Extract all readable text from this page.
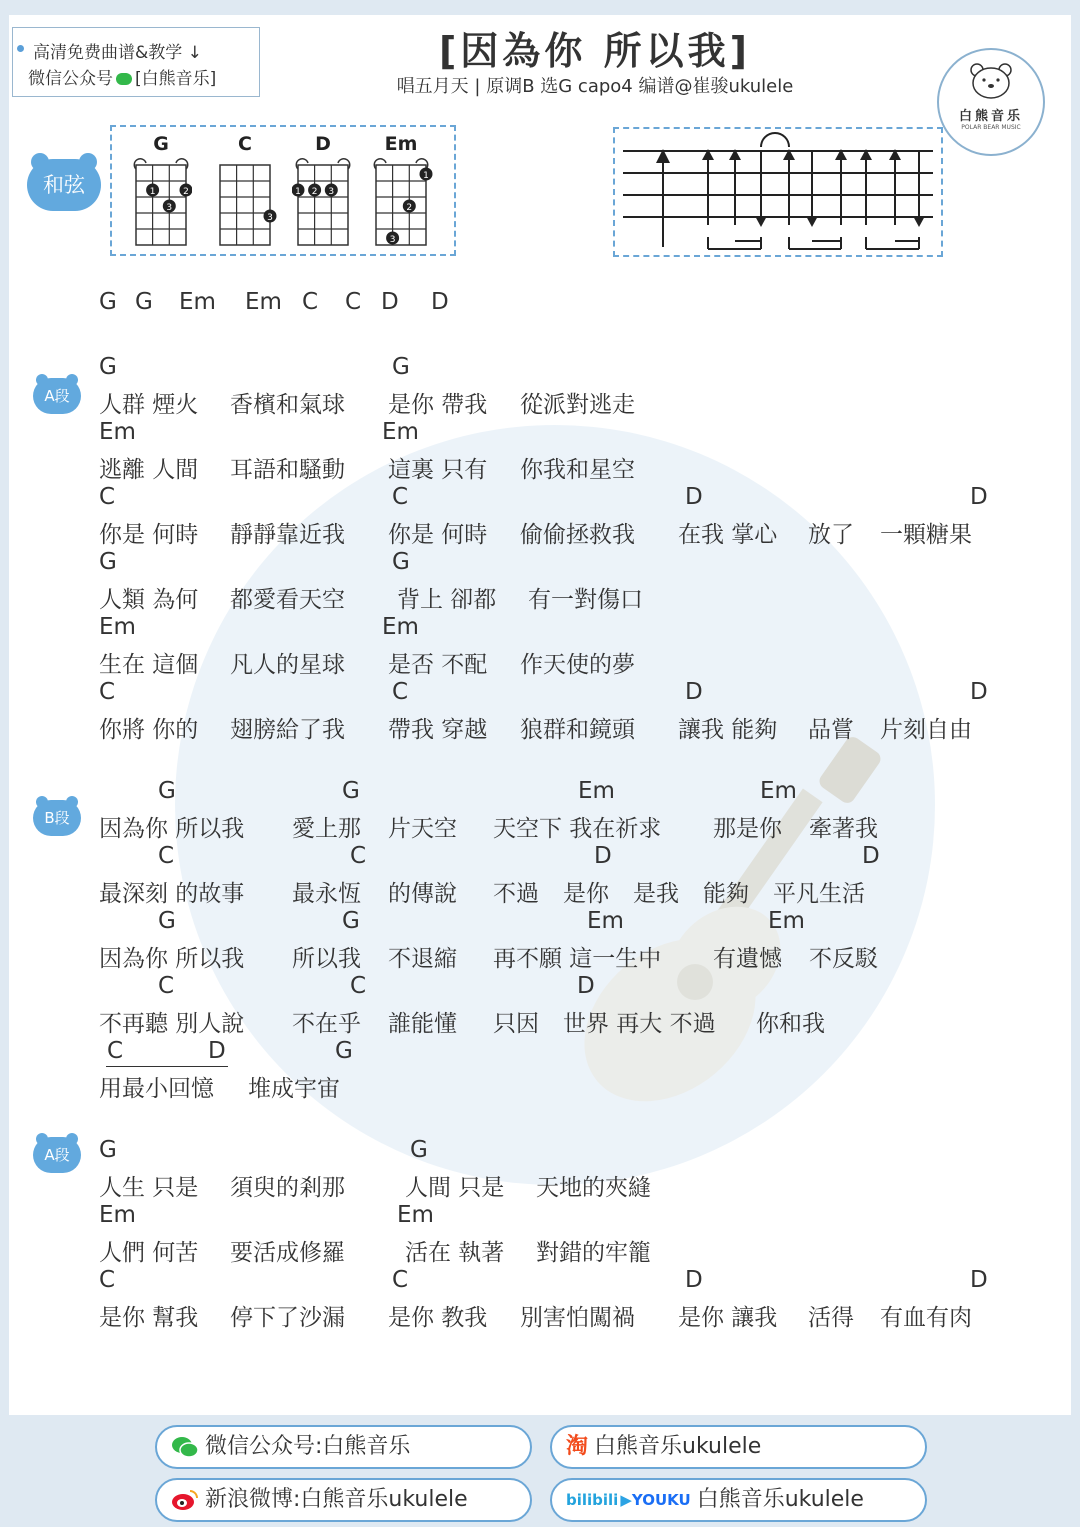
高清免费曲谱&教学 ↓
微信公众号 [白熊音乐]
[因為你 所以我]
唱五月天 | 原调B 选G capo4 编谱@崔骏ukulele
白熊音乐
POLAR BEAR MUSIC
和弦
G
1	2
3
C
3
D
1 2 3
Em
1
2
3

G

G

Em

Em

C

C

D

D

A段
B段
A段
G	G
人群 煙火 香檳和氣球 是你 帶我 從派對逃走
Em	Em
逃離 人間 耳語和騷動 這裏 只有 你我和星空
C	C	D	D
你是 何時 靜靜靠近我 你是 何時 偷偷拯救我 在我 掌心 放了 一顆糖果
G	G
人類 為何 都愛看天空 背上 卻都 有一對傷口
Em	Em
生在 這個 凡人的星球 是否 不配 作天使的夢
C	C	D	D
你將 你的 翅膀給了我 帶我 穿越 狼群和鏡頭 讓我 能夠 品嘗 片刻自由
G	G	Em	Em
因為你 所以我 愛上那 片天空 天空下 我在祈求 那是你 牽著我
C	C	D	D
最深刻 的故事 最永恆 的傳說 不過 是你 是我 能夠 平凡生活
G	G	Em	Em
因為你 所以我 所以我 不退縮 再不願 這一生中 有遺憾 不反駁
C	C	D
不再聽 別人說 不在乎 誰能懂 只因 世界 再大 不過 你和我
C	D	G
用最小回憶 堆成宇宙
G	G
人生 只是 須臾的剎那	人間 只是 天地的夾縫
Em	Em
人們 何苦 要活成修羅	活在 執著 對錯的牢籠
C	C	D	D
是你 幫我 停下了沙漏 是你 教我 別害怕闖禍 是你 讓我 活得 有血有肉
微信公众号:白熊音乐	淘 白熊音乐ukulele
新浪微博:白熊音乐ukulele	bilibili ▶YOUKU 白熊音乐ukulele
